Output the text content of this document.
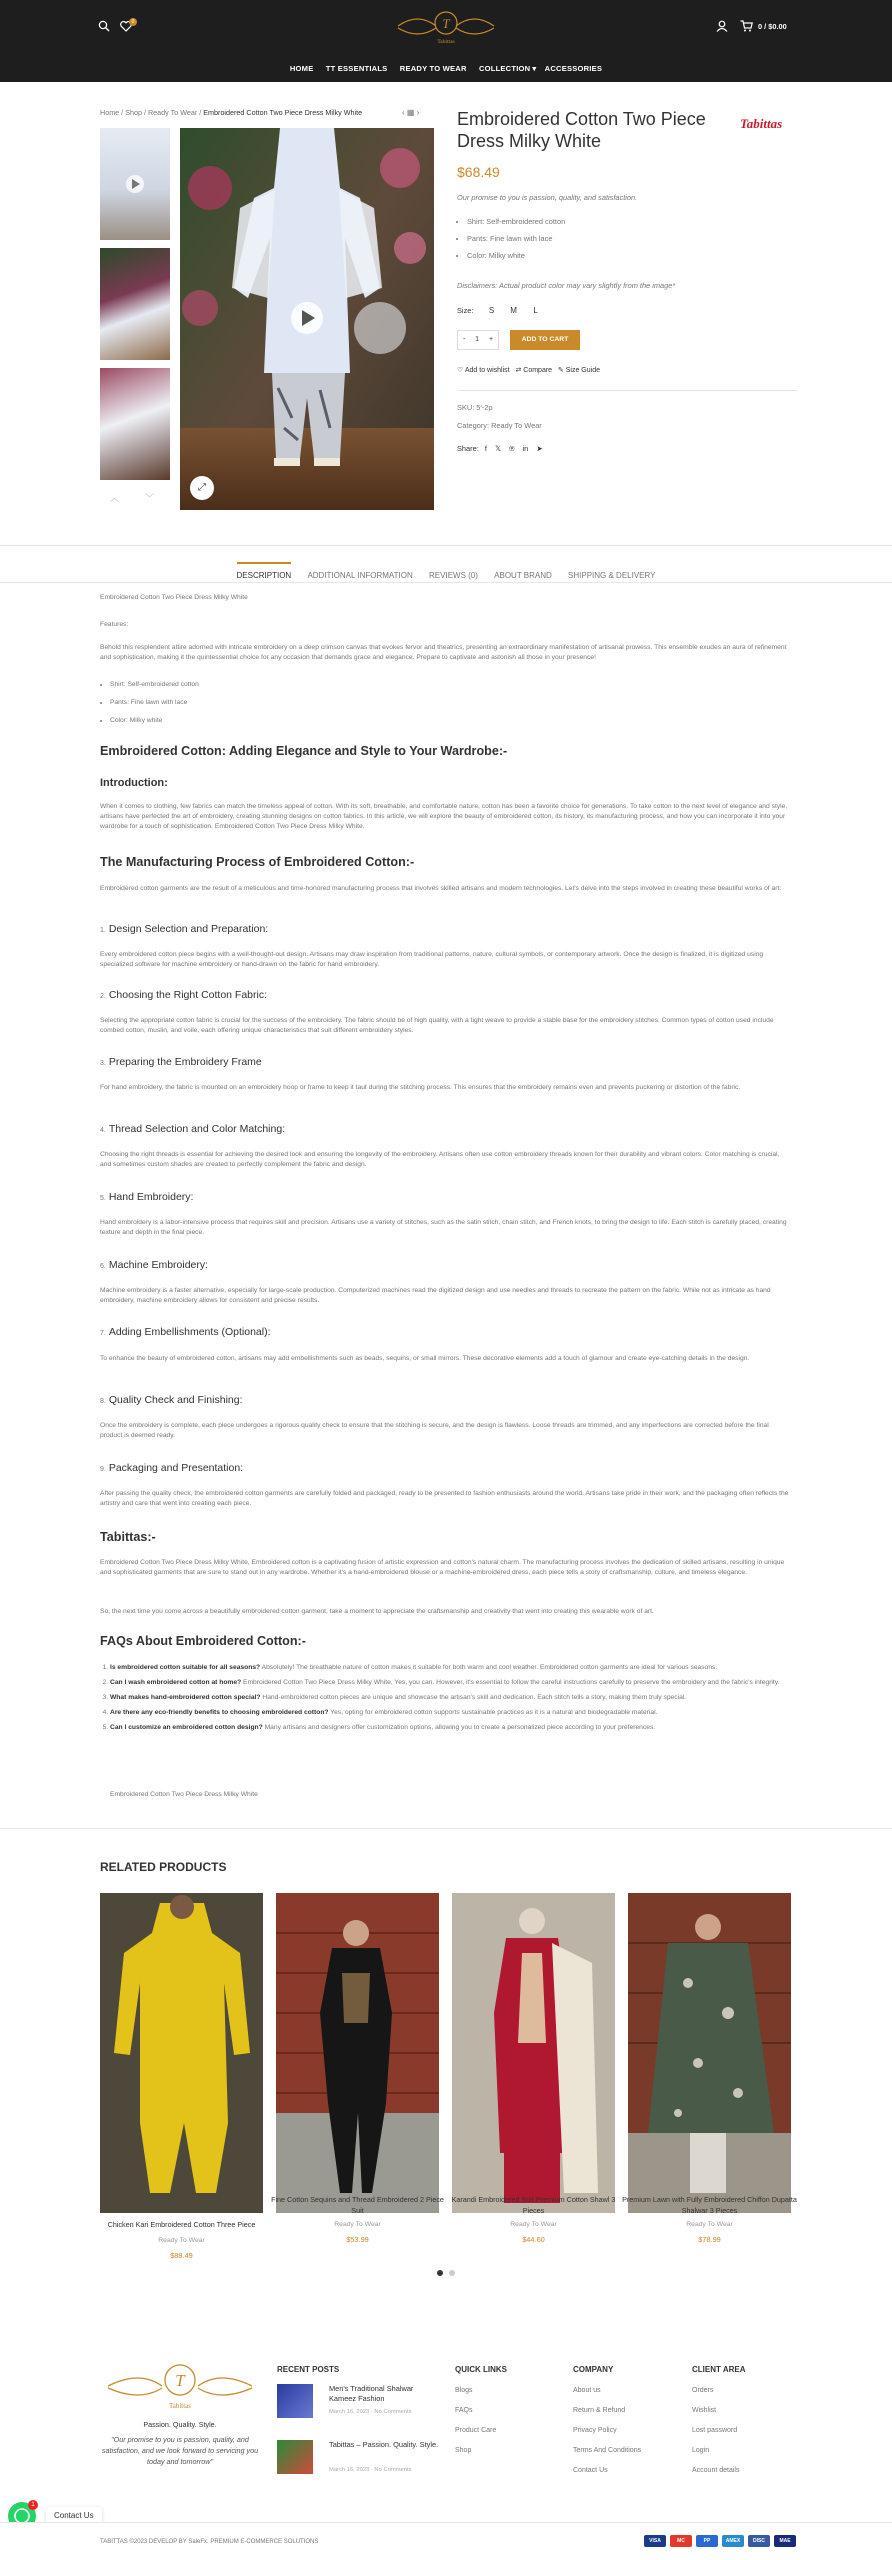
0	T
Tabittas
0 / $0.00
HOME TT ESSENTIALS READY TO WEAR COLLECTION ▾ ACCESSORIES
Home / Shop / Ready To Wear / Embroidered Cotton Two Piece Dress Milky White	‹ ▦ ›
︿	﹀
⤢
Embroidered Cotton Two Piece Dress Milky White
Tabittas
$68.49
Our promise to you is passion, quality, and satisfaction.
• Shirt: Self-embroidered cotton
• Pants: Fine lawn with lace
• Color: Milky white
Disclaimers: Actual product color may vary slightly from the image*
Size: S M L
- 1 +	ADD TO CART
♡ Add to wishlist ⇄ Compare ✎ Size Guide
SKU: 5'-2p
Category: Ready To Wear
Share: f 𝕏 ℗ in ➤
DESCRIPTION ADDITIONAL INFORMATION REVIEWS (0) ABOUT BRAND SHIPPING & DELIVERY
Embroidered Cotton Two Piece Dress Milky White
Features:
Behold this resplendent attire adorned with intricate embroidery on a deep crimson canvas that evokes fervor and theatrics, presenting an extraordinary manifestation of artisanal prowess. This ensemble exudes an aura of refinement and sophistication, making it the quintessential choice for any occasion that demands grace and elegance. Prepare to captivate and astonish all those in your presence!
• Shirt: Self-embroidered cotton
• Pants: Fine lawn with lace
• Color: Milky white
Embroidered Cotton: Adding Elegance and Style to Your Wardrobe:-
Introduction:
When it comes to clothing, few fabrics can match the timeless appeal of cotton. With its soft, breathable, and comfortable nature, cotton has been a favorite choice for generations. To take cotton to the next level of elegance and style, artisans have perfected the art of embroidery, creating stunning designs on cotton fabrics. In this article, we will explore the beauty of embroidered cotton, its history, its manufacturing process, and how you can incorporate it into your wardrobe for a touch of sophistication. Embroidered Cotton Two Piece Dress Milky White.
The Manufacturing Process of Embroidered Cotton:-
Embroidered cotton garments are the result of a meticulous and time-honored manufacturing process that involves skilled artisans and modern technologies. Let's delve into the steps involved in creating these beautiful works of art:
1. Design Selection and Preparation:
Every embroidered cotton piece begins with a well-thought-out design. Artisans may draw inspiration from traditional patterns, nature, cultural symbols, or contemporary artwork. Once the design is finalized, it is digitized using specialized software for machine embroidery or hand-drawn on the fabric for hand embroidery.
2. Choosing the Right Cotton Fabric:
Selecting the appropriate cotton fabric is crucial for the success of the embroidery. The fabric should be of high quality, with a tight weave to provide a stable base for the embroidery stitches. Common types of cotton used include combed cotton, muslin, and voile, each offering unique characteristics that suit different embroidery styles.
3. Preparing the Embroidery Frame
For hand embroidery, the fabric is mounted on an embroidery hoop or frame to keep it taut during the stitching process. This ensures that the embroidery remains even and prevents puckering or distortion of the fabric.
4. Thread Selection and Color Matching:
Choosing the right threads is essential for achieving the desired look and ensuring the longevity of the embroidery. Artisans often use cotton embroidery threads known for their durability and vibrant colors. Color matching is crucial, and sometimes custom shades are created to perfectly complement the fabric and design.
5. Hand Embroidery:
Hand embroidery is a labor-intensive process that requires skill and precision. Artisans use a variety of stitches, such as the satin stitch, chain stitch, and French knots, to bring the design to life. Each stitch is carefully placed, creating texture and depth in the final piece.
6. Machine Embroidery:
Machine embroidery is a faster alternative, especially for large-scale production. Computerized machines read the digitized design and use needles and threads to recreate the pattern on the fabric. While not as intricate as hand embroidery, machine embroidery allows for consistent and precise results.
7. Adding Embellishments (Optional):
To enhance the beauty of embroidered cotton, artisans may add embellishments such as beads, sequins, or small mirrors. These decorative elements add a touch of glamour and create eye-catching details in the design.
8. Quality Check and Finishing:
Once the embroidery is complete, each piece undergoes a rigorous quality check to ensure that the stitching is secure, and the design is flawless. Loose threads are trimmed, and any imperfections are corrected before the final product is deemed ready.
9. Packaging and Presentation:
After passing the quality check, the embroidered cotton garments are carefully folded and packaged, ready to be presented to fashion enthusiasts around the world. Artisans take pride in their work, and the packaging often reflects the artistry and care that went into creating each piece.
Tabittas:-
Embroidered Cotton Two Piece Dress Milky White, Embroidered cotton is a captivating fusion of artistic expression and cotton's natural charm. The manufacturing process involves the dedication of skilled artisans, resulting in unique and sophisticated garments that are sure to stand out in any wardrobe. Whether it's a hand-embroidered blouse or a machine-embroidered dress, each piece tells a story of craftsmanship, culture, and timeless elegance.
So, the next time you come across a beautifully embroidered cotton garment, take a moment to appreciate the craftsmanship and creativity that went into creating this wearable work of art.
FAQs About Embroidered Cotton:-
1. Is embroidered cotton suitable for all seasons? Absolutely! The breathable nature of cotton makes it suitable for both warm and cool weather. Embroidered cotton garments are ideal for various seasons.
2. Can I wash embroidered cotton at home? Embroidered Cotton Two Piece Dress Milky White, Yes, you can. However, it's essential to follow the careful instructions carefully to preserve the embroidery and the fabric's integrity.
3. What makes hand-embroidered cotton special? Hand-embroidered cotton pieces are unique and showcase the artisan's skill and dedication. Each stitch tells a story, making them truly special.
4. Are there any eco-friendly benefits to choosing embroidered cotton? Yes, opting for embroidered cotton supports sustainable practices as it is a natural and biodegradable material.
5. Can I customize an embroidered cotton design? Many artisans and designers offer customization options, allowing you to create a personalized piece according to your preferences.
Embroidered Cotton Two Piece Dress Milky White
RELATED PRODUCTS
Chicken Kari Embroidered Cotton Three Piece
Ready To Wear
$88.49
Fine Cotton Sequins and Thread Embroidered 2 Piece Suit
Ready To Wear
$53.99
Karandi Embroidered Suit Premium Cotton Shawl 3 Pieces
Ready To Wear
$44.60
Premium Lawn with Fully Embroidered Chiffon Dupatta Shalwar 3 Pieces
Ready To Wear
$78.99
T
Tabittas
Passion. Quality. Style.
"Our promise to you is passion, quality, and satisfaction, and we look forward to servicing you today and tomorrow"
RECENT POSTS
Men's Traditional Shalwar Kameez Fashion
March 16, 2023 · No Comments
Tabittas – Passion. Quality. Style.
March 16, 2023 · No Comments
QUICK LINKS
Blogs
FAQs
Product Care
Shop
COMPANY
About us
Return & Refund
Privacy Policy
Terms And Conditions
Contact Us
CLIENT AREA
Orders
Wishlist
Lost password
Login
Account details
1
Contact Us
TABITTAS ©2023 DEVELOP BY SaleFx. PREMIUM E-COMMERCE SOLUTIONS	VISA	MC	PP	AMEX	DISC	MAE
